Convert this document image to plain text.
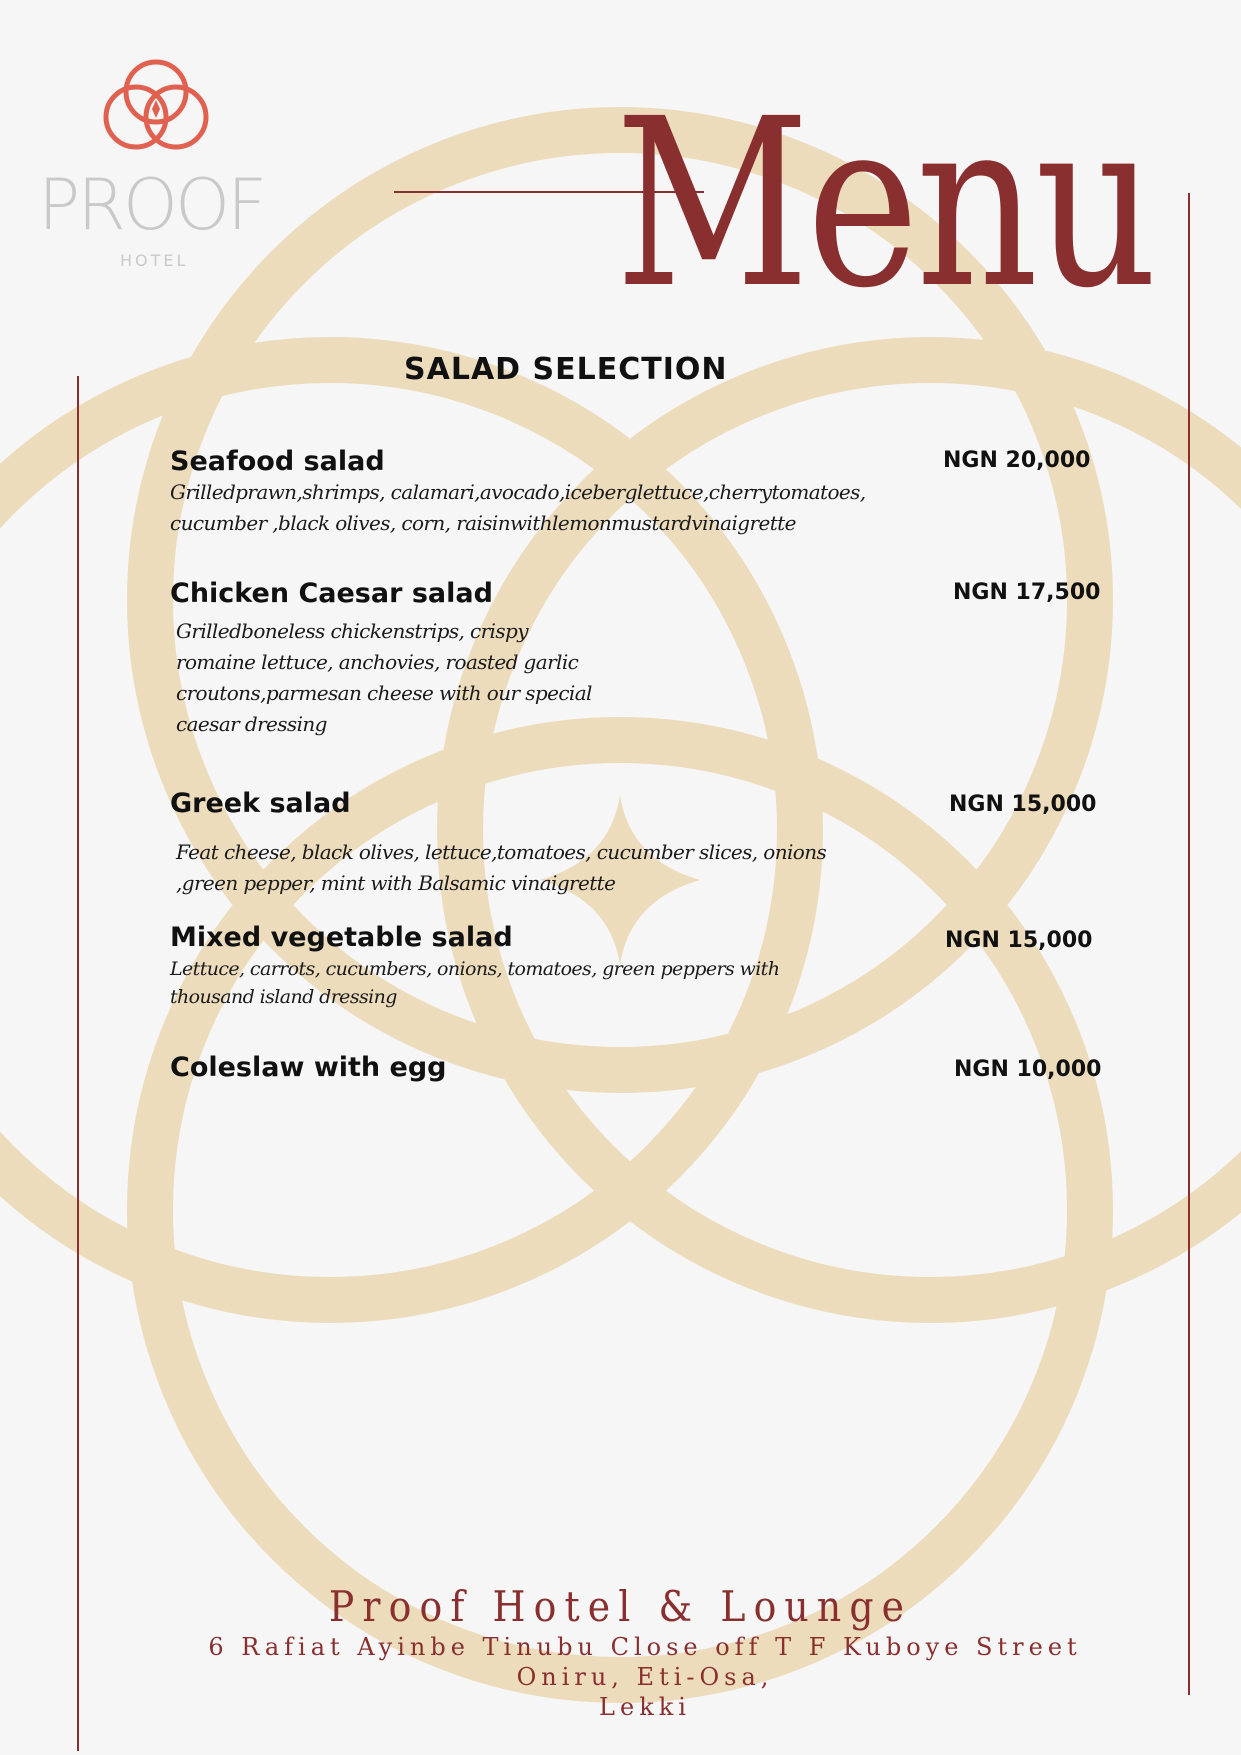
PROOF
HOTEL Menu
SALAD SELECTION
Seafood salad	NGN 20,000
Grilledprawn,shrimps, calamari,avocado,iceberglettuce,cherrytomatoes,
cucumber ,black olives, corn, raisinwithlemonmustardvinaigrette
Chicken Caesar salad	NGN 17,500
Grilledboneless chickenstrips, crispy
romaine lettuce, anchovies, roasted garlic
croutons,parmesan cheese with our special
caesar dressing
Greek salad	NGN 15,000
Feat cheese, black olives, lettuce,tomatoes, cucumber slices, onions
,green pepper, mint with Balsamic vinaigrette
Mixed vegetable salad	NGN 15,000
Lettuce, carrots, cucumbers, onions, tomatoes, green peppers with
thousand island dressing
Coleslaw with egg	NGN 10,000
Proof Hotel & Lounge
6 Rafiat Ayinbe Tinubu Close off T F Kuboye Street Oniru, Eti-Osa,
Lekki
